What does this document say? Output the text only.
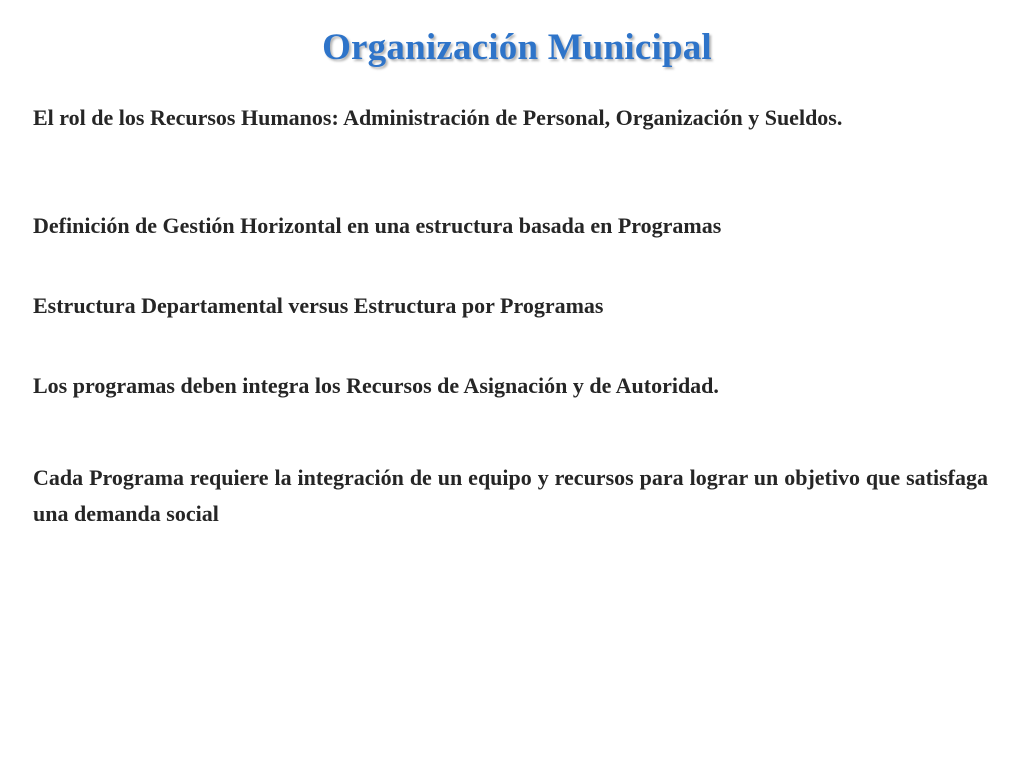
Organización Municipal

El rol de los Recursos Humanos: Administración de Personal, Organización y Sueldos.

Definición de Gestión Horizontal en una estructura basada en Programas

Estructura Departamental versus Estructura por Programas

Los programas deben integra los Recursos de Asignación y de Autoridad.

Cada Programa requiere la integración de un equipo y recursos para lograr un objetivo que satisfaga una demanda social
